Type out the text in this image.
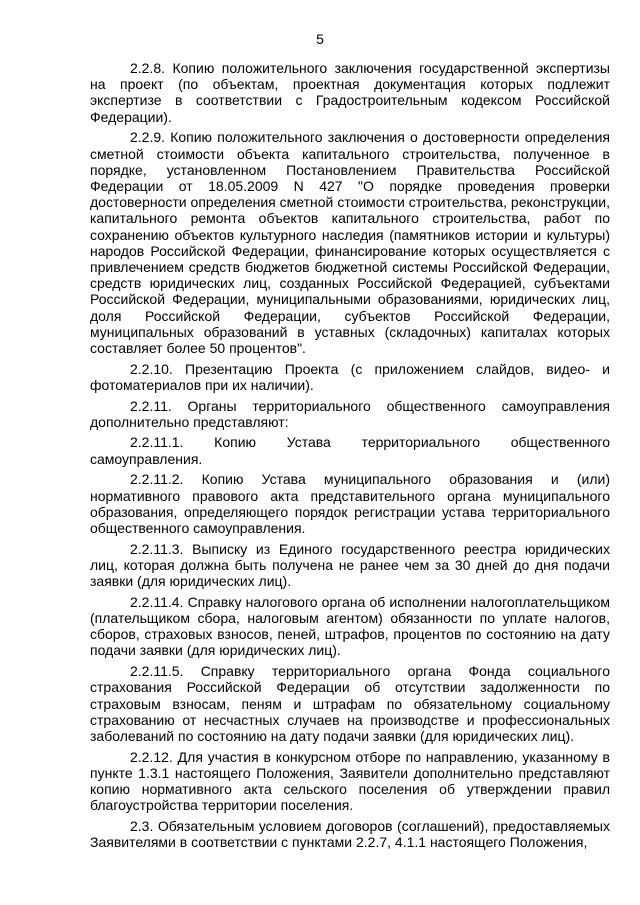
5

2.2.8. Копию положительного заключения государственной экспертизы на проект (по объектам, проектная документация которых подлежит экспертизе в соответствии с Градостроительным кодексом Российской Федерации).

2.2.9. Копию положительного заключения о достоверности определения сметной стоимости объекта капитального строительства, полученное в порядке, установленном Постановлением Правительства Российской Федерации от 18.05.2009 N 427 "О порядке проведения проверки достоверности определения сметной стоимости строительства, реконструкции, капитального ремонта объектов капитального строительства, работ по сохранению объектов культурного наследия (памятников истории и культуры) народов Российской Федерации, финансирование которых осуществляется с привлечением средств бюджетов бюджетной системы Российской Федерации, средств юридических лиц, созданных Российской Федерацией, субъектами Российской Федерации, муниципальными образованиями, юридических лиц, доля Российской Федерации, субъектов Российской Федерации, муниципальных образований в уставных (складочных) капиталах которых составляет более 50 процентов".

2.2.10. Презентацию Проекта (с приложением слайдов, видео- и фотоматериалов при их наличии).

2.2.11. Органы территориального общественного самоуправления дополнительно представляют:

2.2.11.1. Копию Устава территориального общественного самоуправления.

2.2.11.2. Копию Устава муниципального образования и (или) нормативного правового акта представительного органа муниципального образования, определяющего порядок регистрации устава территориального общественного самоуправления.

2.2.11.3. Выписку из Единого государственного реестра юридических лиц, которая должна быть получена не ранее чем за 30 дней до дня подачи заявки (для юридических лиц).

2.2.11.4. Справку налогового органа об исполнении налогоплательщиком (плательщиком сбора, налоговым агентом) обязанности по уплате налогов, сборов, страховых взносов, пеней, штрафов, процентов по состоянию на дату подачи заявки (для юридических лиц).

2.2.11.5. Справку территориального органа Фонда социального страхования Российской Федерации об отсутствии задолженности по страховым взносам, пеням и штрафам по обязательному социальному страхованию от несчастных случаев на производстве и профессиональных заболеваний по состоянию на дату подачи заявки (для юридических лиц).

2.2.12. Для участия в конкурсном отборе по направлению, указанному в пункте 1.3.1 настоящего Положения, Заявители дополнительно представляют копию нормативного акта сельского поселения об утверждении правил благоустройства территории поселения.

2.3. Обязательным условием договоров (соглашений), предоставляемых Заявителями в соответствии с пунктами 2.2.7, 4.1.1 настоящего Положения,
